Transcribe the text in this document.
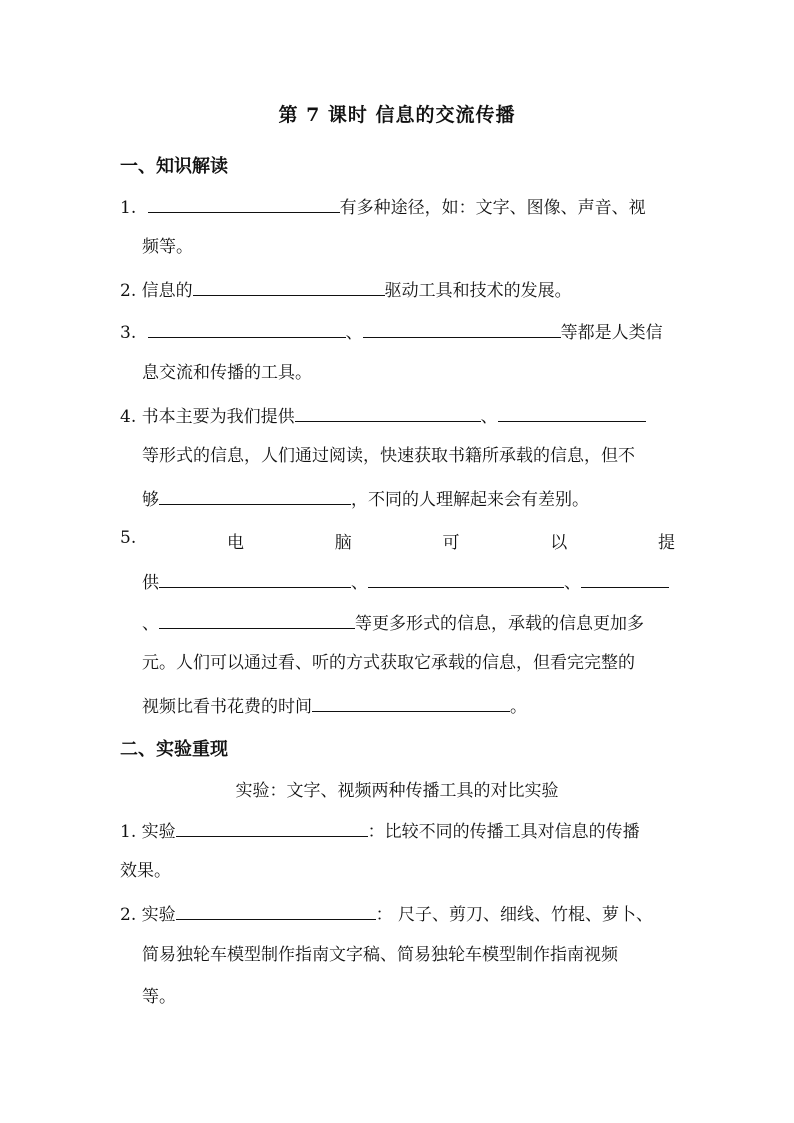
第 7 课时 信息的交流传播
一、知识解读
1.	有多种途径，如：文字、图像、声音、视
频等。
2. 信息的	驱动工具和技术的发展。
3.	、	等都是人类信
息交流和传播的工具。
4. 书本主要为我们提供	、
等形式的信息，人们通过阅读，快速获取书籍所承载的信息，但不
够	，不同的人理解起来会有差别。
5.	电	脑	可	以	提
供	、	、
、	等更多形式的信息，承载的信息更加多
元。人们可以通过看、听的方式获取它承载的信息，但看完完整的
视频比看书花费的时间	。
二、实验重现
实验：文字、视频两种传播工具的对比实验
1. 实验	：比较不同的传播工具对信息的传播
效果。
2. 实验	： 尺子、剪刀、细线、竹棍、萝卜、
简易独轮车模型制作指南文字稿、简易独轮车模型制作指南视频
等。
